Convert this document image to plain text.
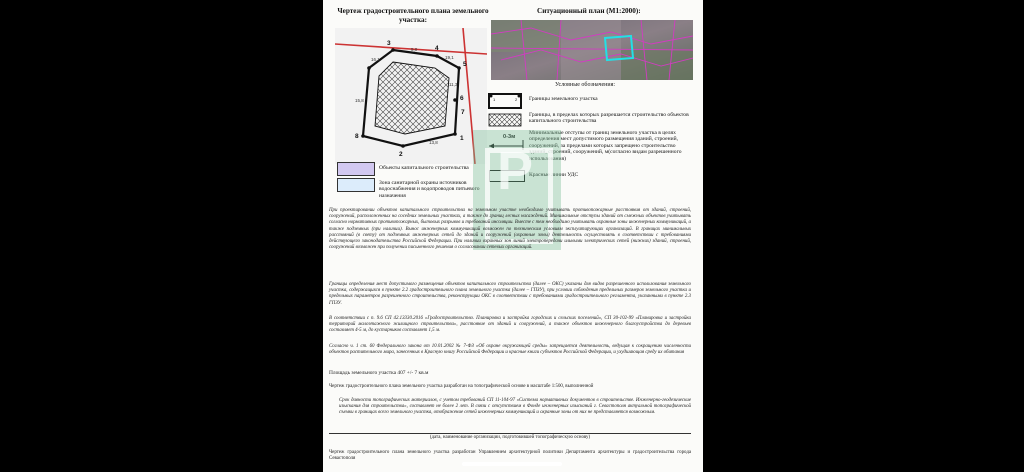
Чертеж градостроительного плана земельного участка:
Ситуационный план (М1:2000):
1
2
3
4
5
6
7
8
5,0
19,1
11,3
13,8
15,8
16,1
Условные обозначения:
1	2 Границы земельного участка
Границы, в пределах которых разрешается строительство объектов капитального строительства
0-3м
Минимальные отступы от границ земельного участка в целях определения мест допустимого размещения зданий, строений, сооружений, за пределами которых запрещено строительство зданий, строений, сооружений, м(согласно видам разрешенного использования)
Объекты капитального строительства
Красные линии УДС
Зона санитарной охраны источников водоснабжения и водопроводов питьевого назначения	Р
При проектировании объектов капитального строительства на земельном участке необходимо учитывать противопожарные расстояния от зданий, строений, сооружений, расположенных на соседних земельных участках, а также до границ лесных насаждений. Минимальные отступы зданий от смежных объектов учитывать согласно нормативных противопожарных, бытовых разрывов и требований инсоляции. Вместе с тем необходимо учитывать охранные зоны инженерных коммуникаций, а также подземных (при наличии). Вынос инженерных коммуникаций возможен по техническим условиям эксплуатирующих организаций. В границах минимальных расстояний (в свету) от подземных инженерных сетей до зданий и сооружений (охранные зоны) деятельность осуществлять в соответствии с требованиями действующего законодательства Российской Федерации. При наличии охранных зон линий электропередачи ильными электрических сетей (нижних) зданий, строений, сооружений возможен при получении письменного решения о согласовании сетевых организаций.
Границы определения мест допустимого размещения объектов капитального строительства (далее – ОКС) указаны для видов разрешенного использования земельного участка, содержащихся в пункте 2.2 градостроительного плана земельного участка (далее – ГПЗУ), при условии соблюдения предельных размеров земельного участка и предельных параметров разрешенного строительства, реконструкции ОКС в соответствии с требованиями градостроительного регламента, указанными в пункте 2.3 ГПЗУ.
В соответствии с п. 9.6 СП 42.13330.2016 «Градостроительство. Планировка и застройка городских и сельских поселений», СП 30-102-99 «Планировка и застройка территорий малоэтажного жилищного строительства», расстояние от зданий и сооружений, а также объектов инженерного благоустройства до деревьев составляет 4-5 м, до кустарников составляет 1,5 м.
Согласно ч. 1 ст. 60 Федерального закона от 10.01.2002 № 7-ФЗ «Об охране окружающей среды» запрещается деятельность, ведущая к сокращению численности объектов растительного мира, занесенных в Красную книгу Российской Федерации и красные книги субъектов Российской Федерации, и ухудшающая среду их обитания
Площадь земельного участка 407 +/- 7 кв.м
Чертеж градостроительного плана земельного участка разработан на топографической основе в масштабе 1:500, выполненной
Срок давности топографических материалов, с учетом требований СП 11-104-97 «Система нормативных документов в строительстве. Инженерно-геодезические изыскания для строительства», составляет не более 2 лет. В связи с отсутствием в Фонде инженерных изысканий г. Севастополя актуальной топографической съемки в границах всего земельного участка, отображение сетей инженерных коммуникаций и охранные зоны от них не представляется возможным.
(дата, наименование организации, подготовившей топографическую основу)
Чертеж градостроительного плана земельного участка разработан Управлением архитектурной политики Департамента архитектуры и градостроительства города Севастополя
